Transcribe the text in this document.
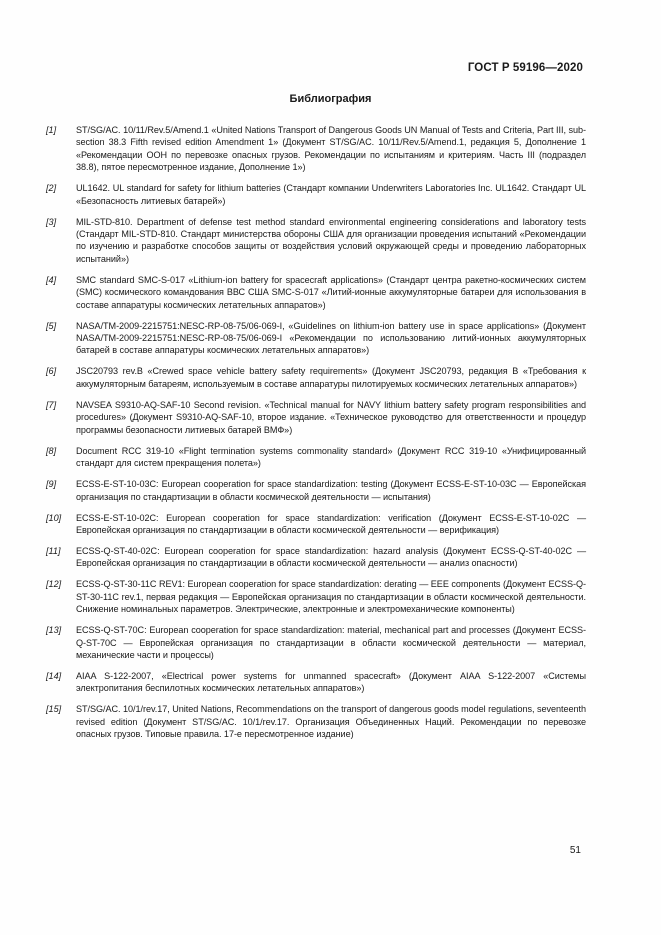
ГОСТ Р 59196—2020
Библиография
[1]	ST/SG/AC. 10/11/Rev.5/Amend.1 «United Nations Transport of Dangerous Goods UN Manual of Tests and Criteria, Part III, sub-section 38.3 Fifth revised edition Amendment 1» (Документ ST/SG/AC. 10/11/Rev.5/Amend.1, редакция 5, Дополнение 1 «Рекомендации ООН по перевозке опасных грузов. Рекомендации по испытаниям и критериям. Часть III (подраздел 38.8), пятое пересмотренное издание, Дополнение 1»)
[2]	UL1642. UL standard for safety for lithium batteries (Стандарт компании Underwriters Laboratories Inc. UL1642. Стандарт UL «Безопасность литиевых батарей»)
[3]	MIL-STD-810. Department of defense test method standard environmental engineering considerations and laboratory tests (Стандарт MIL-STD-810. Стандарт министерства обороны США для организации проведения испытаний «Рекомендации по изучению и разработке способов защиты от воздействия условий окружающей среды и проведению лабораторных испытаний»)
[4]	SMC standard SMC-S-017 «Lithium-ion battery for spacecraft applications» (Стандарт центра ракетно-космических систем (SMC) космического командования ВВС США SMC-S-017 «Литий-ионные аккумуляторные батареи для использования в составе аппаратуры космических летательных аппаратов»)
[5]	NASA/TM-2009-2215751:NESC-RP-08-75/06-069-I, «Guidelines on lithium-ion battery use in space applications» (Документ NASA/TM-2009-2215751:NESC-RP-08-75/06-069-I «Рекомендации по использованию литий-ионных аккумуляторных батарей в составе аппаратуры космических летательных аппаратов»)
[6]	JSC20793 rev.B «Crewed space vehicle battery safety requirements» (Документ JSC20793, редакция В «Требования к аккумуляторным батареям, используемым в составе аппаратуры пилотируемых космических летательных аппаратов»)
[7]	NAVSEA S9310-AQ-SAF-10 Second revision. «Technical manual for NAVY lithium battery safety program responsibilities and procedures» (Документ S9310-AQ-SAF-10, второе издание. «Техническое руководство для ответственности и процедур программы безопасности литиевых батарей ВМФ»)
[8]	Document RCC 319-10 «Flight termination systems commonality standard» (Документ RCC 319-10 «Унифицированный стандарт для систем прекращения полета»)
[9]	ECSS-E-ST-10-03C: European cooperation for space standardization: testing (Документ ECSS-E-ST-10-03C — Европейская организация по стандартизации в области космической деятельности — испытания)
[10]	ECSS-E-ST-10-02C: European cooperation for space standardization: verification (Документ ECSS-E-ST-10-02C — Европейская организация по стандартизации в области космической деятельности — верификация)
[11]	ECSS-Q-ST-40-02C: European cooperation for space standardization: hazard analysis (Документ ECSS-Q-ST-40-02C — Европейская организация по стандартизации в области космической деятельности — анализ опасности)
[12]	ECSS-Q-ST-30-11C REV1: European cooperation for space standardization: derating — EEE components (Документ ECSS-Q-ST-30-11C rev.1, первая редакция — Европейская организация по стандартизации в области космической деятельности. Снижение номинальных параметров. Электрические, электронные и электромеханические компоненты)
[13]	ECSS-Q-ST-70C: European cooperation for space standardization: material, mechanical part and processes (Документ ECSS-Q-ST-70C — Европейская организация по стандартизации в области космической деятельности — материал, механические части и процессы)
[14]	AIAA S-122-2007, «Electrical power systems for unmanned spacecraft» (Документ AIAA S-122-2007 «Системы электропитания беспилотных космических летательных аппаратов»)
[15]	ST/SG/AC. 10/1/rev.17, United Nations, Recommendations on the transport of dangerous goods model regulations, seventeenth revised edition (Документ ST/SG/AC. 10/1/rev.17. Организация Объединенных Наций. Рекомендации по перевозке опасных грузов. Типовые правила. 17-е пересмотренное издание)
51
